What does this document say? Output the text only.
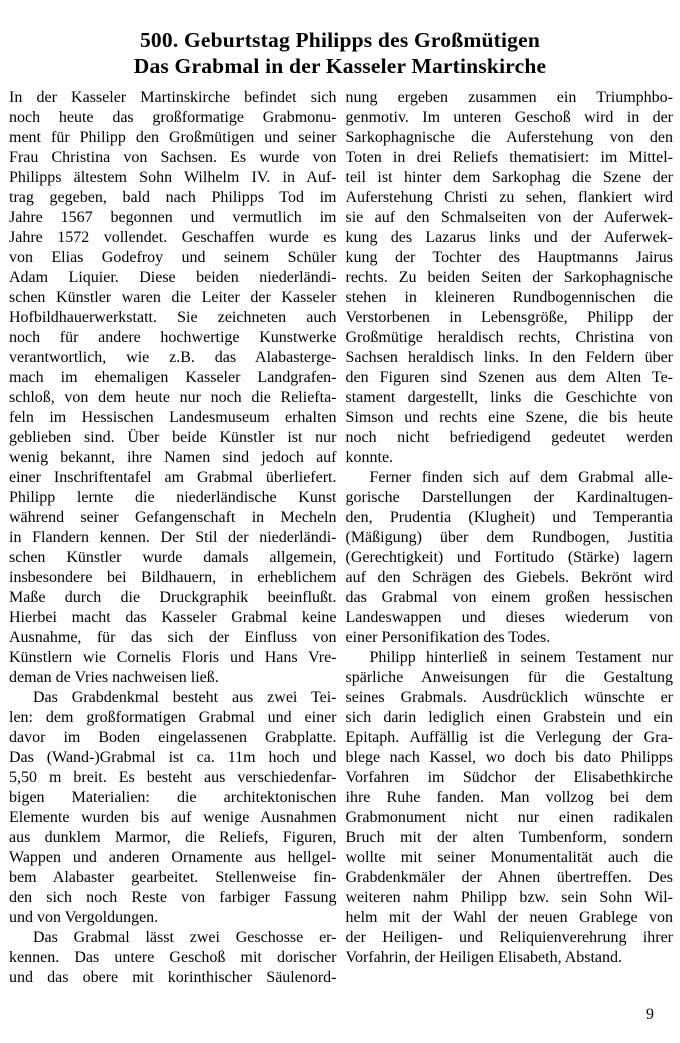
500. Geburtstag Philipps des Großmütigen
Das Grabmal in der Kasseler Martinskirche
In der Kasseler Martinskirche befindet sich
noch heute das großformatige Grabmonu-
ment für Philipp den Großmütigen und seiner
Frau Christina von Sachsen. Es wurde von
Philipps ältestem Sohn Wilhelm IV. in Auf-
trag gegeben, bald nach Philipps Tod im
Jahre 1567 begonnen und vermutlich im
Jahre 1572 vollendet. Geschaffen wurde es
von Elias Godefroy und seinem Schüler
Adam Liquier. Diese beiden niederländi-
schen Künstler waren die Leiter der Kasseler
Hofbildhauerwerkstatt. Sie zeichneten auch
noch für andere hochwertige Kunstwerke
verantwortlich, wie z.B. das Alabasterge-
mach im ehemaligen Kasseler Landgrafen-
schloß, von dem heute nur noch die Reliefta-
feln im Hessischen Landesmuseum erhalten
geblieben sind. Über beide Künstler ist nur
wenig bekannt, ihre Namen sind jedoch auf
einer Inschriftentafel am Grabmal überliefert.
Philipp lernte die niederländische Kunst
während seiner Gefangenschaft in Mecheln
in Flandern kennen. Der Stil der niederländi-
schen Künstler wurde damals allgemein,
insbesondere bei Bildhauern, in erheblichem
Maße durch die Druckgraphik beeinflußt.
Hierbei macht das Kasseler Grabmal keine
Ausnahme, für das sich der Einfluss von
Künstlern wie Cornelis Floris und Hans Vre-
deman de Vries nachweisen ließ.
Das Grabdenkmal besteht aus zwei Tei-
len: dem großformatigen Grabmal und einer
davor im Boden eingelassenen Grabplatte.
Das (Wand-)Grabmal ist ca. 11m hoch und
5,50 m breit. Es besteht aus verschiedenfar-
bigen Materialien: die architektonischen
Elemente wurden bis auf wenige Ausnahmen
aus dunklem Marmor, die Reliefs, Figuren,
Wappen und anderen Ornamente aus hellgel-
bem Alabaster gearbeitet. Stellenweise fin-
den sich noch Reste von farbiger Fassung
und von Vergoldungen.
Das Grabmal lässt zwei Geschosse er-
kennen. Das untere Geschoß mit dorischer
und das obere mit korinthischer Säulenord-
nung ergeben zusammen ein Triumphbo-
genmotiv. Im unteren Geschoß wird in der
Sarkophagnische die Auferstehung von den
Toten in drei Reliefs thematisiert: im Mittel-
teil ist hinter dem Sarkophag die Szene der
Auferstehung Christi zu sehen, flankiert wird
sie auf den Schmalseiten von der Auferwek-
kung des Lazarus links und der Auferwek-
kung der Tochter des Hauptmanns Jairus
rechts. Zu beiden Seiten der Sarkophagnische
stehen in kleineren Rundbogennischen die
Verstorbenen in Lebensgröße, Philipp der
Großmütige heraldisch rechts, Christina von
Sachsen heraldisch links. In den Feldern über
den Figuren sind Szenen aus dem Alten Te-
stament dargestellt, links die Geschichte von
Simson und rechts eine Szene, die bis heute
noch nicht befriedigend gedeutet werden
konnte.
Ferner finden sich auf dem Grabmal alle-
gorische Darstellungen der Kardinaltugen-
den, Prudentia (Klugheit) und Temperantia
(Mäßigung) über dem Rundbogen, Justitia
(Gerechtigkeit) und Fortitudo (Stärke) lagern
auf den Schrägen des Giebels. Bekrönt wird
das Grabmal von einem großen hessischen
Landeswappen und dieses wiederum von
einer Personifikation des Todes.
Philipp hinterließ in seinem Testament nur
spärliche Anweisungen für die Gestaltung
seines Grabmals. Ausdrücklich wünschte er
sich darin lediglich einen Grabstein und ein
Epitaph. Auffällig ist die Verlegung der Gra-
blege nach Kassel, wo doch bis dato Philipps
Vorfahren im Südchor der Elisabethkirche
ihre Ruhe fanden. Man vollzog bei dem
Grabmonument nicht nur einen radikalen
Bruch mit der alten Tumbenform, sondern
wollte mit seiner Monumentalität auch die
Grabdenkmäler der Ahnen übertreffen. Des
weiteren nahm Philipp bzw. sein Sohn Wil-
helm mit der Wahl der neuen Grablege von
der Heiligen- und Reliquienverehrung ihrer
Vorfahrin, der Heiligen Elisabeth, Abstand.
9
